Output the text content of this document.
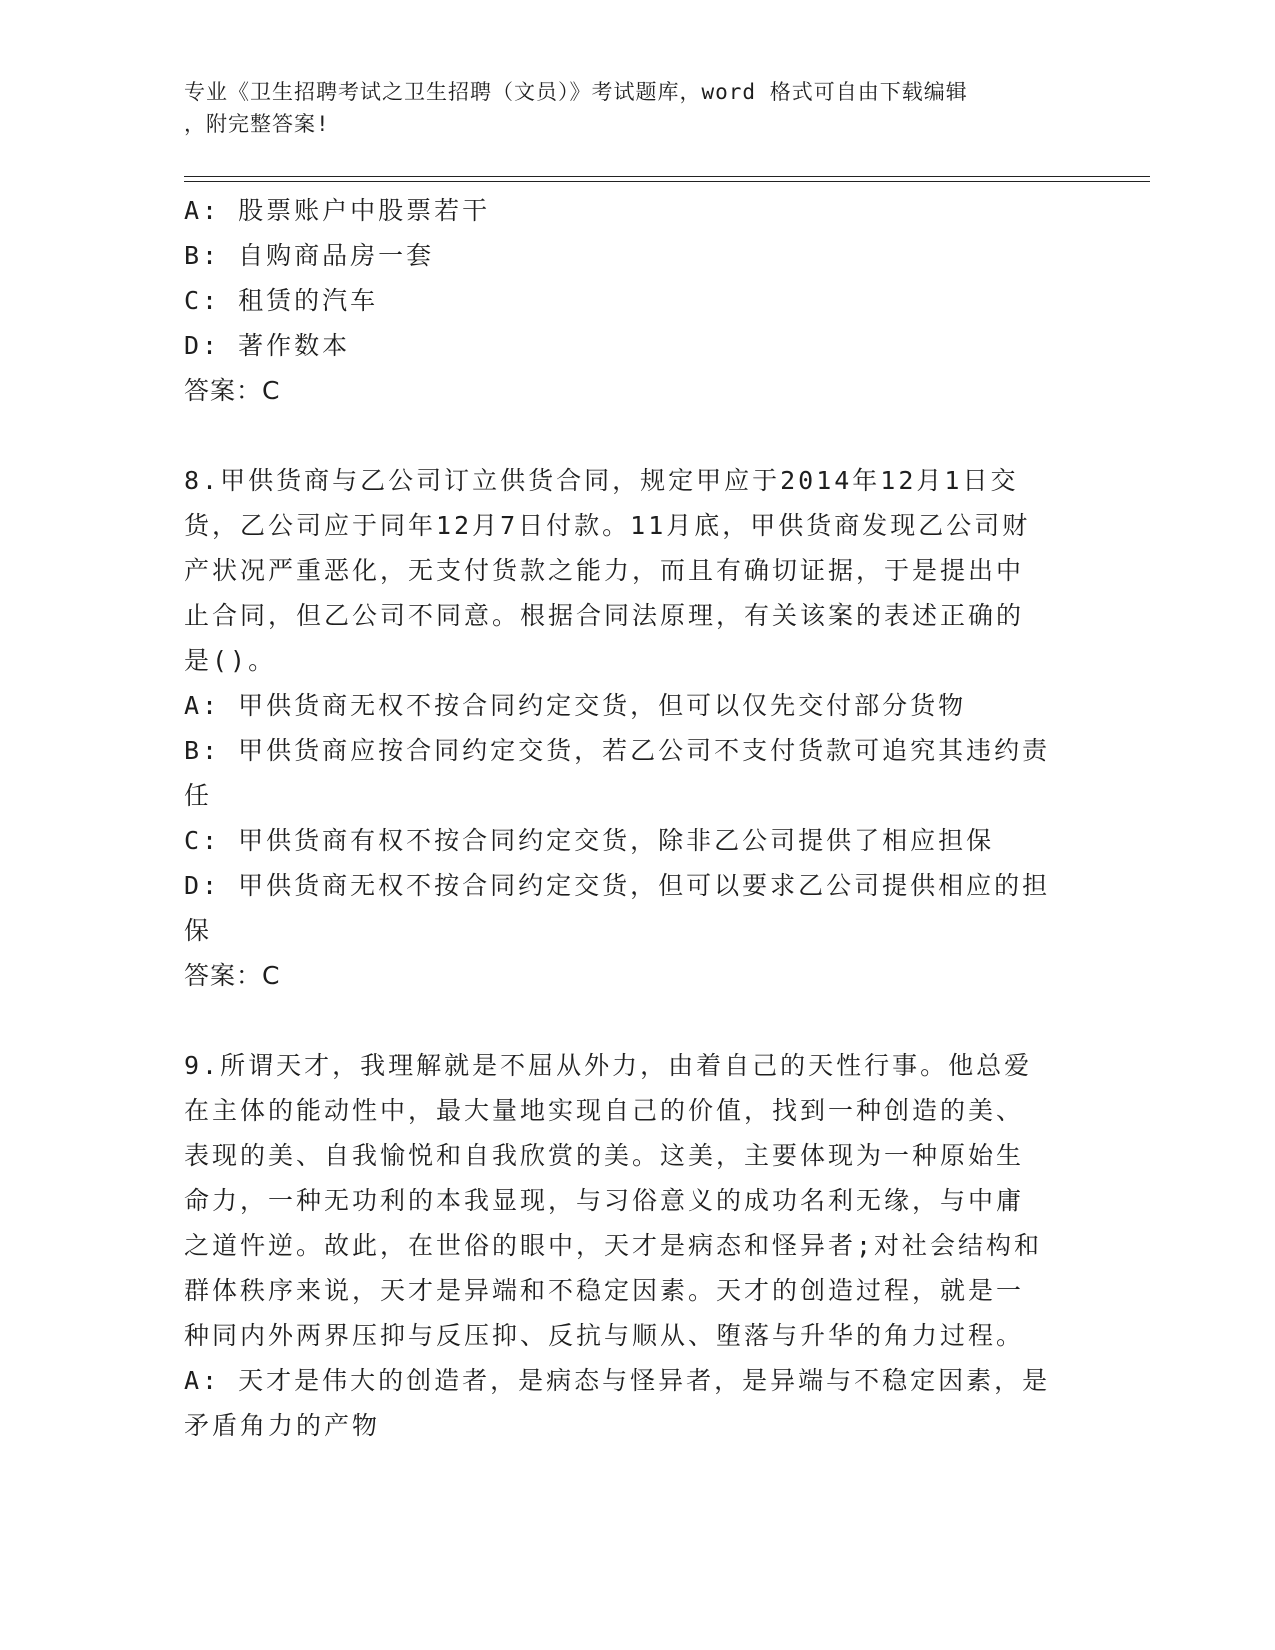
专业《卫生招聘考试之卫生招聘（文员）》考试题库，word 格式可自由下载编辑
，附完整答案!
A: 股票账户中股票若干
B: 自购商品房一套
C: 租赁的汽车
D: 著作数本
答案：C
8.甲供货商与乙公司订立供货合同，规定甲应于2014年12月1日交
货，乙公司应于同年12月7日付款。11月底，甲供货商发现乙公司财
产状况严重恶化，无支付货款之能力，而且有确切证据，于是提出中
止合同，但乙公司不同意。根据合同法原理，有关该案的表述正确的
是()。
A: 甲供货商无权不按合同约定交货，但可以仅先交付部分货物
B: 甲供货商应按合同约定交货，若乙公司不支付货款可追究其违约责
任
C: 甲供货商有权不按合同约定交货，除非乙公司提供了相应担保
D: 甲供货商无权不按合同约定交货，但可以要求乙公司提供相应的担
保
答案：C
9.所谓天才，我理解就是不屈从外力，由着自己的天性行事。他总爱
在主体的能动性中，最大量地实现自己的价值，找到一种创造的美、
表现的美、自我愉悦和自我欣赏的美。这美，主要体现为一种原始生
命力，一种无功利的本我显现，与习俗意义的成功名利无缘，与中庸
之道忤逆。故此，在世俗的眼中，天才是病态和怪异者;对社会结构和
群体秩序来说，天才是异端和不稳定因素。天才的创造过程，就是一
种同内外两界压抑与反压抑、反抗与顺从、堕落与升华的角力过程。
A: 天才是伟大的创造者，是病态与怪异者，是异端与不稳定因素，是
矛盾角力的产物
